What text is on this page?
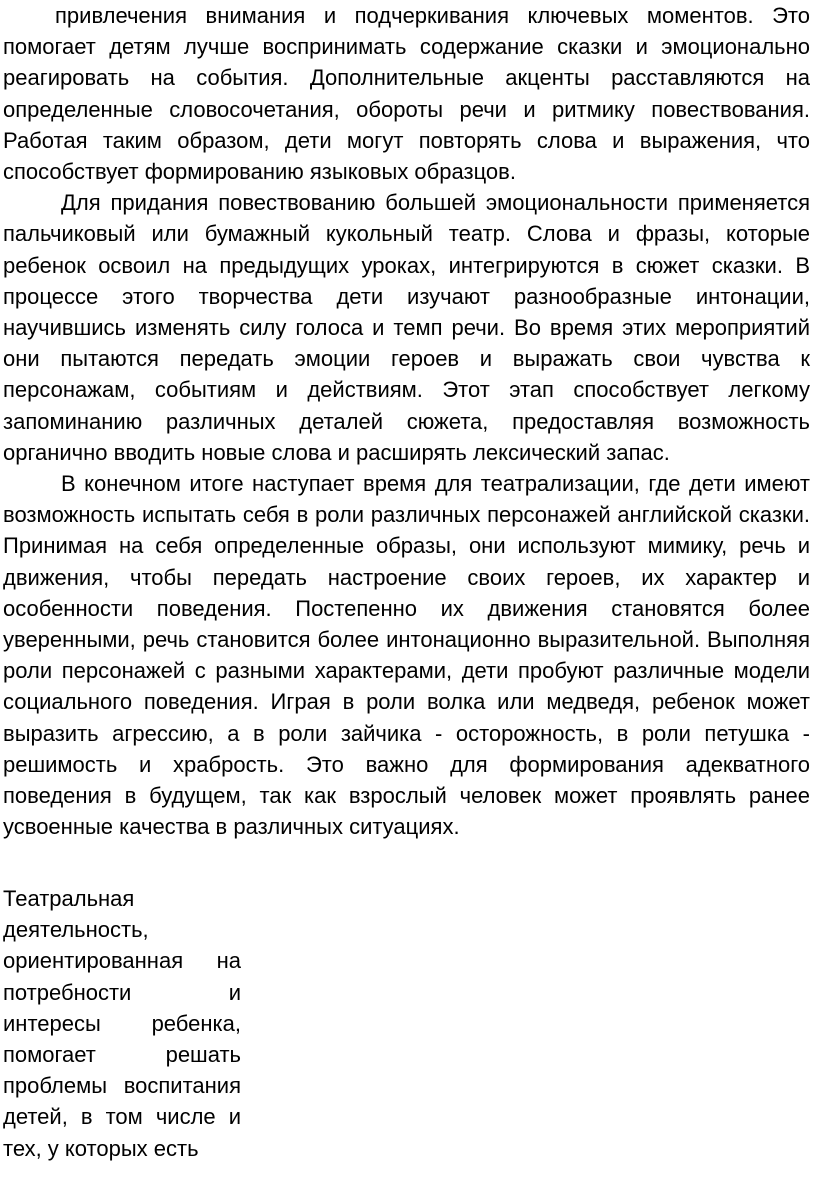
привлечения внимания и подчеркивания ключевых моментов. Это помогает детям лучше воспринимать содержание сказки и эмоционально реагировать на события. Дополнительные акценты расставляются на определенные словосочетания, обороты речи и ритмику повествования. Работая таким образом, дети могут повторять слова и выражения, что способствует формированию языковых образцов.

Для придания повествованию большей эмоциональности применяется пальчиковый или бумажный кукольный театр. Слова и фразы, которые ребенок освоил на предыдущих уроках, интегрируются в сюжет сказки. В процессе этого творчества дети изучают разнообразные интонации, научившись изменять силу голоса и темп речи. Во время этих мероприятий они пытаются передать эмоции героев и выражать свои чувства к персонажам, событиям и действиям. Этот этап способствует легкому запоминанию различных деталей сюжета, предоставляя возможность органично вводить новые слова и расширять лексический запас.

В конечном итоге наступает время для театрализации, где дети имеют возможность испытать себя в роли различных персонажей английской сказки. Принимая на себя определенные образы, они используют мимику, речь и движения, чтобы передать настроение своих героев, их характер и особенности поведения. Постепенно их движения становятся более уверенными, речь становится более интонационно выразительной. Выполняя роли персонажей с разными характерами, дети пробуют различные модели социального поведения. Играя в роли волка или медведя, ребенок может выразить агрессию, а в роли зайчика - осторожность, в роли петушка - решимость и храбрость. Это важно для формирования адекватного поведения в будущем, так как взрослый человек может проявлять ранее усвоенные качества в различных ситуациях.

Театральная деятельность, ориентированная на потребности и интересы ребенка, помогает решать проблемы воспитания детей, в том числе и тех, у которых есть
